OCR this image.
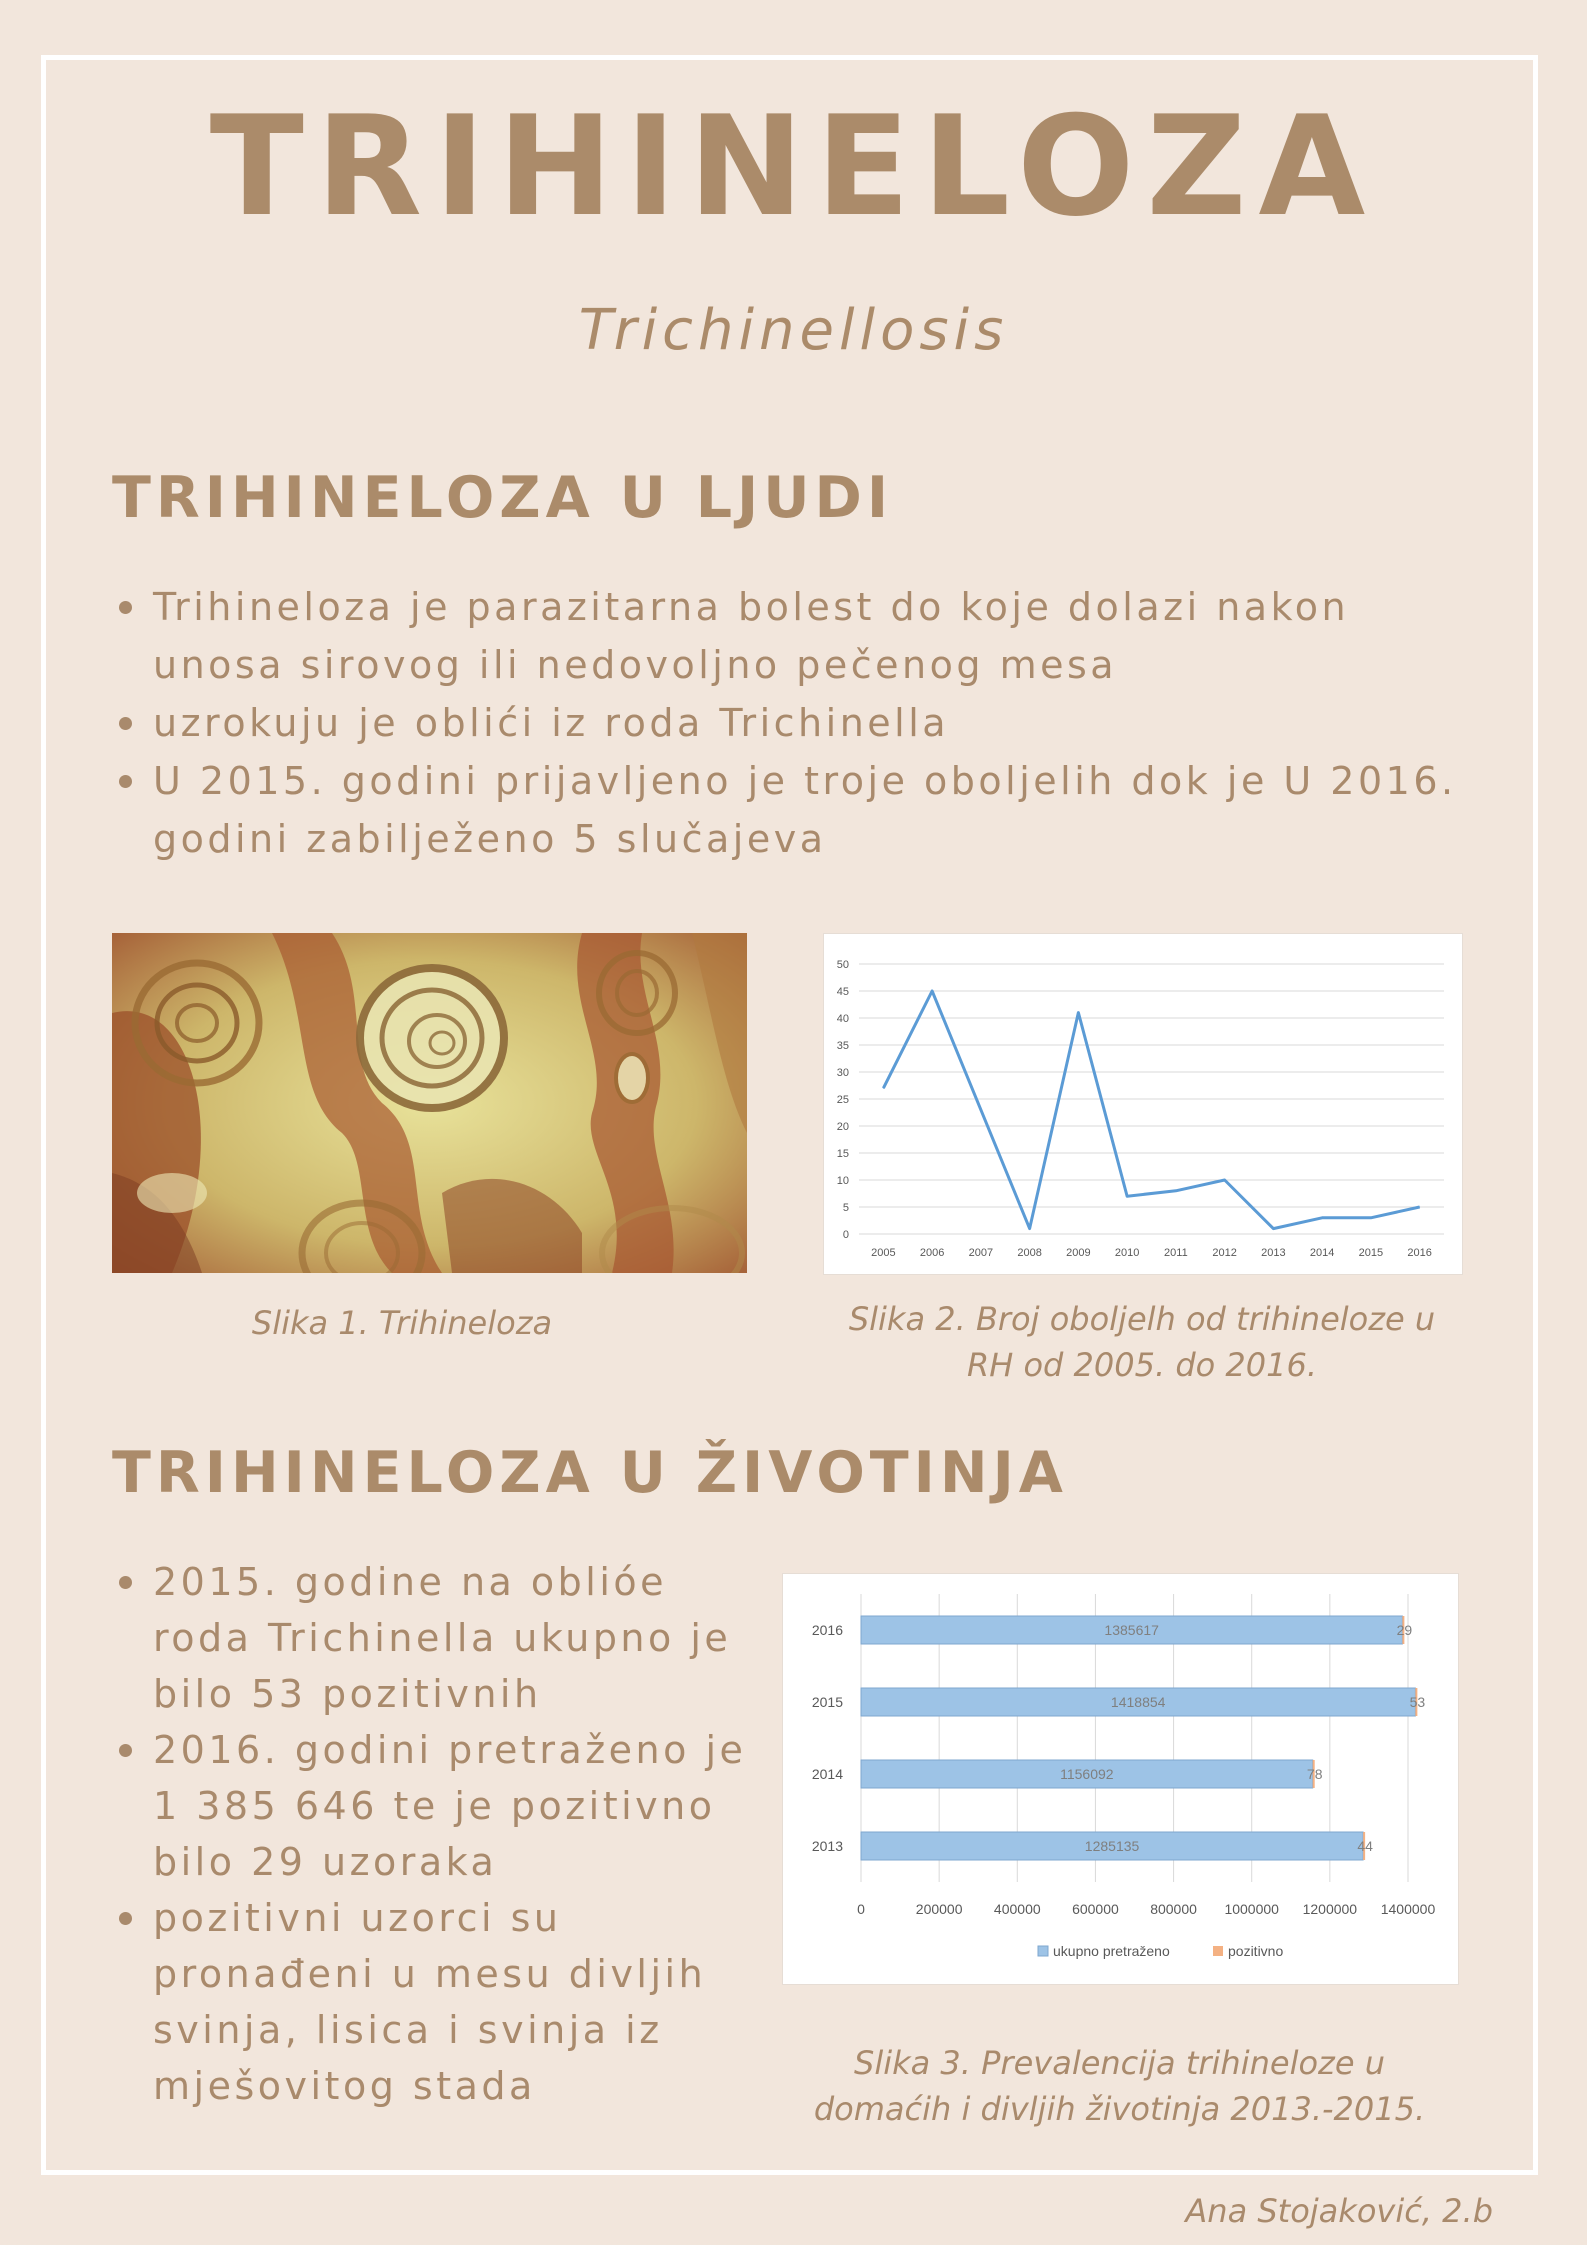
TRIHINELOZA
Trichinellosis
TRIHINELOZA U LJUDI
Trihineloza je parazitarna bolest do koje dolazi nakon unosa sirovog ili nedovoljno pečenog mesa
uzrokuju je oblići iz roda Trichinella
U 2015. godini prijavljeno je troje oboljelih dok je U 2016. godini zabilježeno 5 slučajeva
Slika 1. Trihineloza
0
5
10
15
20
25
30
35
40
45
50
2005 2006 2007 2008 2009 2010 2011 2012 2013 2014 2015 2016
Slika 2. Broj oboljelh od trihineloze u RH od 2005. do 2016.
TRIHINELOZA U ŽIVOTINJA
2015. godine na oblióe roda Trichinella ukupno je bilo 53 pozitivnih
2016. godini pretraženo je 1 385 646 te je pozitivno bilo 29 uzoraka
pozitivni uzorci su pronađeni u mesu divljih svinja, lisica i svinja iz mješovitog stada
0	200000 400000 600000 800000 1000000 1200000 1400000
2016	1385617	29
2015	1418854	53
2014	1156092	78
2013	1285135	44
ukupno pretraženo	pozitivno
Slika 3. Prevalencija trihineloze u domaćih i divljih životinja 2013.-2015.
Ana Stojaković, 2.b
